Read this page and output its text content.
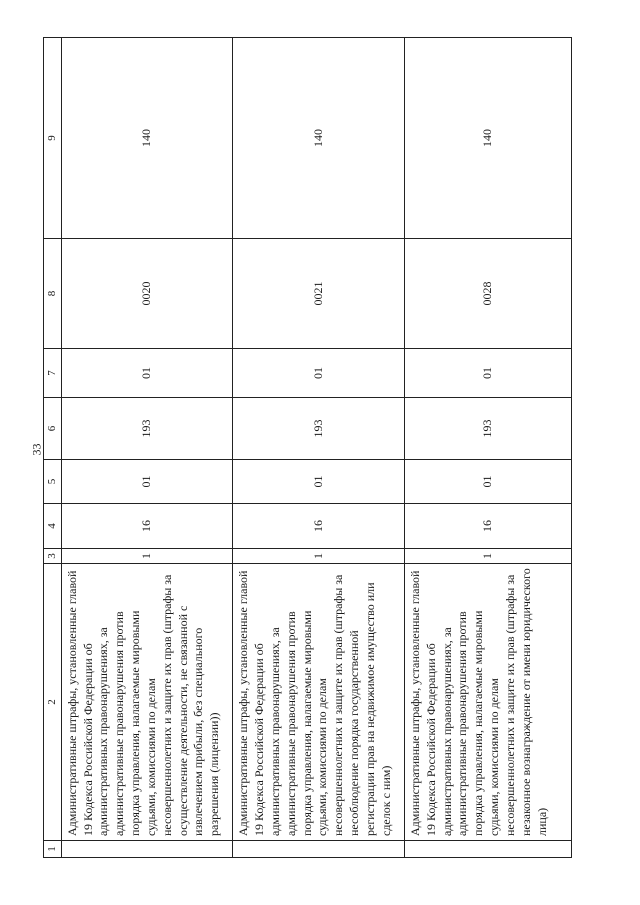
33
1	2	3	4	5	6	7	8	9
	Административные штрафы, установленные главой 19 Кодекса Российской Федерации об административных правонарушениях, за административные правонарушения против порядка управления, налагаемые мировыми судьями, комиссиями по делам несовершеннолетних и защите их прав (штрафы за осуществление деятельности, не связанной с извлечением прибыли, без специального разрешения (лицензии))	1	16	01	193	01	0020	140
	Административные штрафы, установленные главой 19 Кодекса Российской Федерации об административных правонарушениях, за административные правонарушения против порядка управления, налагаемые мировыми судьями, комиссиями по делам несовершеннолетних и защите их прав (штрафы за несоблюдение порядка государственной регистрации прав на недвижимое имущество или сделок с ним)	1	16	01	193	01	0021	140
	Административные штрафы, установленные главой 19 Кодекса Российской Федерации об административных правонарушениях, за административные правонарушения против порядка управления, налагаемые мировыми судьями, комиссиями по делам несовершеннолетних и защите их прав (штрафы за незаконное вознаграждение от имени юридического лица)	1	16	01	193	01	0028	140
